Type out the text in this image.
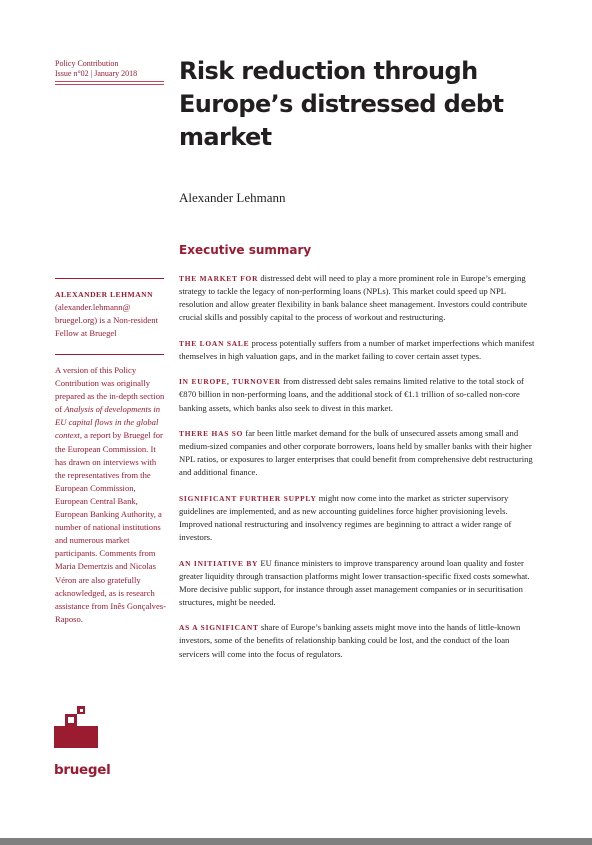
Policy Contribution
Issue n°02 | January 2018	Risk reduction through
Europe’s distressed debt
market
Alexander Lehmann
Executive summary
ALEXANDER LEHMANN
(alexander.lehmann@ bruegel.org) is a Non-resident Fellow at Bruegel
A version of this Policy Contribution was originally prepared as the in-depth section of Analysis of developments in EU capital flows in the global context, a report by Bruegel for the European Commission. It has drawn on interviews with the representatives from the European Commission, European Central Bank, European Banking Authority, a number of national institutions and numerous market participants. Comments from Maria Demertzis and Nicolas Véron are also gratefully acknowledged, as is research assistance from Inês Gonçalves-Raposo.

THE MARKET FOR distressed debt will need to play a more prominent role in Europe’s emerging strategy to tackle the legacy of non-performing loans (NPLs). This market could speed up NPL resolution and allow greater flexibility in bank balance sheet management. Investors could contribute crucial skills and possibly capital to the process of workout and restructuring.

THE LOAN SALE process potentially suffers from a number of market imperfections which manifest themselves in high valuation gaps, and in the market failing to cover certain asset types.

IN EUROPE, TURNOVER from distressed debt sales remains limited relative to the total stock of €870 billion in non-performing loans, and the additional stock of €1.1 trillion of so-called non-core banking assets, which banks also seek to divest in this market.

THERE HAS SO far been little market demand for the bulk of unsecured assets among small and medium-sized companies and other corporate borrowers, loans held by smaller banks with their higher NPL ratios, or exposures to larger enterprises that could benefit from comprehensive debt restructuring and additional finance.

SIGNIFICANT FURTHER SUPPLY might now come into the market as stricter supervisory guidelines are implemented, and as new accounting guidelines force higher provisioning levels. Improved national restructuring and insolvency regimes are beginning to attract a wider range of investors.

AN INITIATIVE BY EU finance ministers to improve transparency around loan quality and foster greater liquidity through transaction platforms might lower transaction-specific fixed costs somewhat. More decisive public support, for instance through asset management companies or in securitisation structures, might be needed.

AS A SIGNIFICANT share of Europe’s banking assets might move into the hands of little-known investors, some of the benefits of relationship banking could be lost, and the conduct of the loan servicers will come into the focus of regulators.

bruegel
